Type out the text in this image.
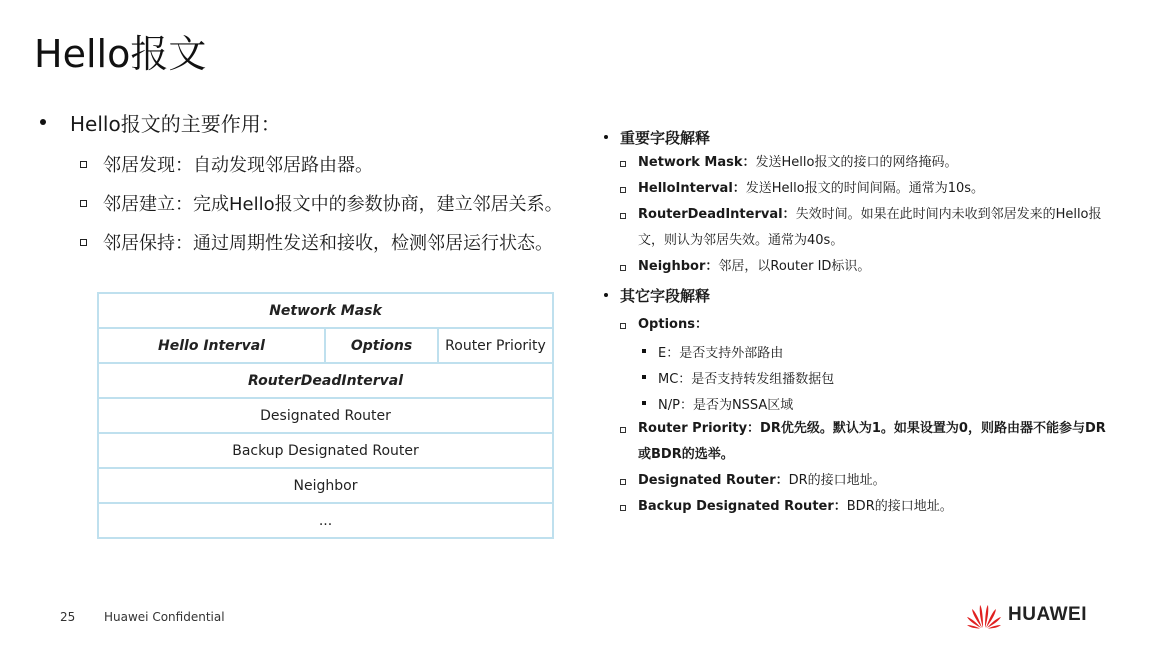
Hello报文
Hello报文的主要作用：
邻居发现：自动发现邻居路由器。
邻居建立：完成Hello报文中的参数协商，建立邻居关系。
邻居保持：通过周期性发送和接收，检测邻居运行状态。
Network Mask
Hello Interval	Options	Router Priority
RouterDeadInterval
Designated Router
Backup Designated Router
Neighbor
...
重要字段解释
Network Mask：发送Hello报文的接口的网络掩码。
HelloInterval：发送Hello报文的时间间隔。通常为10s。
RouterDeadInterval：失效时间。如果在此时间内未收到邻居发来的Hello报文，则认为邻居失效。通常为40s。
Neighbor：邻居，以Router ID标识。
其它字段解释
Options：
E：是否支持外部路由
MC：是否支持转发组播数据包
N/P：是否为NSSA区域
Router Priority：DR优先级。默认为1。如果设置为0，则路由器不能参与DR或BDR的选举。
Designated Router：DR的接口地址。
Backup Designated Router：BDR的接口地址。
25 Huawei Confidential	HUAWEI
